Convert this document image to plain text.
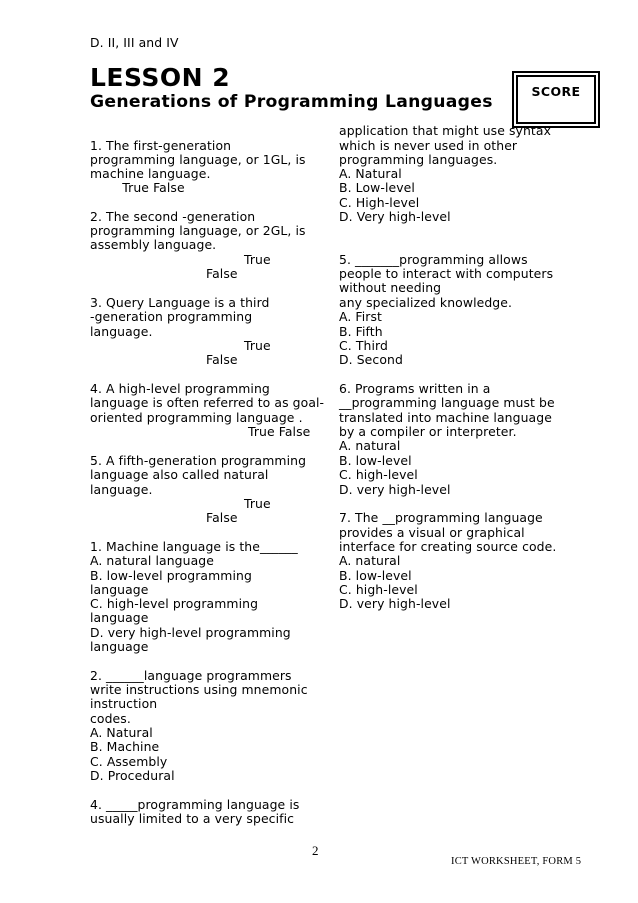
D. II, III and IV
LESSON 2
Generations of Programming Languages
SCORE
1. The first-generation
programming language, or 1GL, is
machine language.
True False
2. The second -generation
programming language, or 2GL, is
assembly language.
True
False
3. Query Language is a third
-generation programming
language.
True
False
4. A high-level programming
language is often referred to as goal-
oriented programming language .
True False
5. A fifth-generation programming
language also called natural
language.
True
False
1. Machine language is the______
A. natural language
B. low-level programming
language
C. high-level programming
language
D. very high-level programming
language
2. ______language programmers
write instructions using mnemonic
instruction
codes.
A. Natural
B. Machine
C. Assembly
D. Procedural
4. _____programming language is
usually limited to a very specific
application that might use syntax
which is never used in other
programming languages.
A. Natural
B. Low-level
C. High-level
D. Very high-level
5. _______programming allows
people to interact with computers
without needing
any specialized knowledge.
A. First
B. Fifth
C. Third
D. Second
6. Programs written in a
__programming language must be
translated into machine language
by a compiler or interpreter.
A. natural
B. low-level
C. high-level
D. very high-level
7. The __programming language
provides a visual or graphical
interface for creating source code.
A. natural
B. low-level
C. high-level
D. very high-level
2
ICT WORKSHEET, FORM 5
